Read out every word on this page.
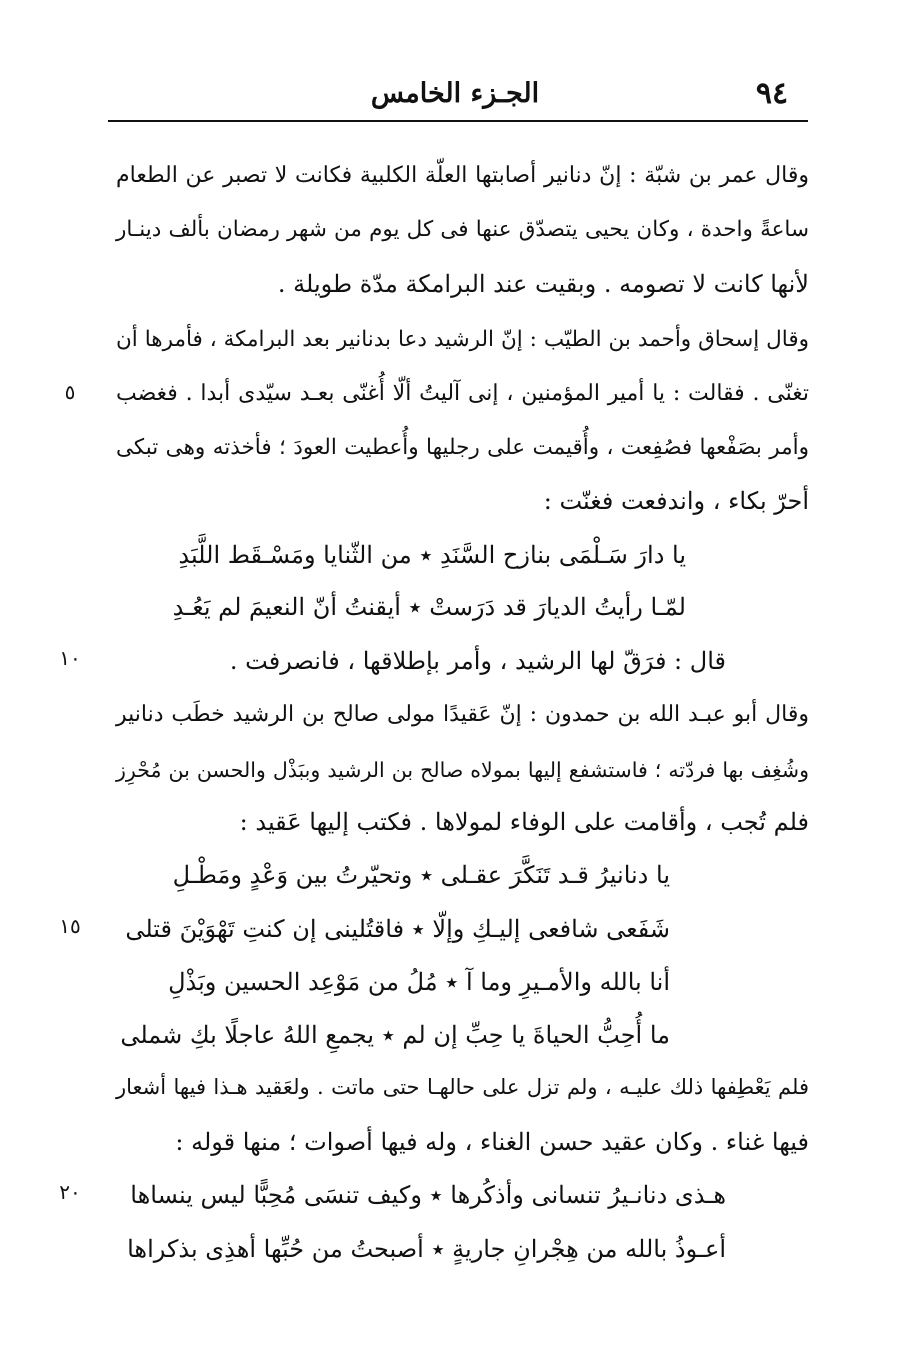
٩٤
الجـزء الخامس
وقال عمر بن شبّة : إنّ دنانير أصابتها العلّة الكلبية فكانت لا تصبر عن الطعام
ساعةً واحدة ، وكان يحيى يتصدّق عنها فى كل يوم من شهر رمضان بألف دينـار
لأنها كانت لا تصومه . وبقيت عند البرامكة مدّة طويلة .
وقال إسحاق وأحمد بن الطيّب : إنّ الرشيد دعا بدنانير بعد البرامكة ، فأمرها أن
تغنّى . فقالت : يا أمير المؤمنين ، إنى آليتُ ألّا أُغنّى بعـد سيّدى أبدا . فغضب
وأمر بصَفْعها فصُفِعت ، وأُقيمت على رجليها وأُعطيت العودَ ؛ فأخذته وهى تبكى
أحرّ بكاء ، واندفعت فغنّت :
يا دارَ سَـلْمَى بنازح السَّنَدِ ٭ من الثّنايا ومَسْـقَط اللَّبَدِ
لمّـا رأيتُ الديارَ قد دَرَستْ ٭ أيقنتُ أنّ النعيمَ لم يَعُـدِ
قال : فرَقّ لها الرشيد ، وأمر بإطلاقها ، فانصرفت .
وقال أبو عبـد الله بن حمدون : إنّ عَقيدًا مولى صالح بن الرشيد خطَب دنانير
وشُغِف بها فردّته ؛ فاستشفع إليها بمولاه صالح بن الرشيد وببَذْل والحسن بن مُحْرِز
فلم تُجب ، وأقامت على الوفاء لمولاها . فكتب إليها عَقيد :
يا دنانيرُ قـد تَنَكَّرَ عقـلى ٭ وتحيّرتُ بين وَعْدٍ ومَطْـلِ
شَفَعى شافعى إليـكِ وإلّا ٭ فاقتُلينى إن كنتِ تَهْوَيْنَ قتلى
أنا بالله والأمـيرِ وما آ ٭ مُلُ من مَوْعِد الحسين وبَذْلِ
ما أُحِبُّ الحياةَ يا حِبِّ إن لم ٭ يجمعِ اللهُ عاجلًا بكِ شملى
فلم يَعْطِفها ذلك عليـه ، ولم تزل على حالهـا حتى ماتت . ولعَقيد هـذا فيها أشعار
فيها غناء . وكان عقيد حسن الغناء ، وله فيها أصوات ؛ منها قوله :
هـذى دنانـيرُ تنسانى وأذكُرها ٭ وكيف تنسَى مُحِبًّا ليس ينساها
أعـوذُ بالله من هِجْرانِ جاريةٍ ٭ أصبحتُ من حُبِّها أهذِى بذكراها
٥
١٠
١٥
٢٠
